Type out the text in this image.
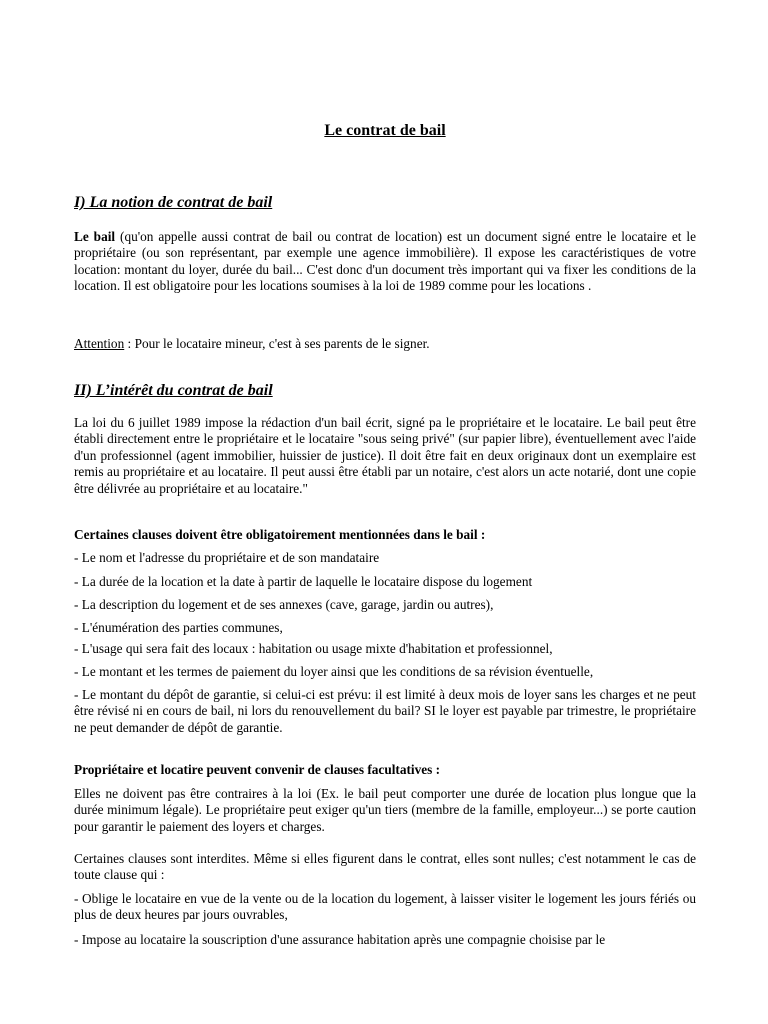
Le contrat de bail
I) La notion de contrat de bail
Le bail (qu'on appelle aussi contrat de bail ou contrat de location) est un document signé entre le locataire et le propriétaire (ou son représentant, par exemple une agence immobilière). Il expose les caractéristiques de votre location: montant du loyer, durée du bail... C'est donc d'un document très important qui va fixer les conditions de la location. Il est obligatoire pour les locations soumises à la loi de 1989 comme pour les locations .
Attention : Pour le locataire mineur, c'est à ses parents de le signer.
II) L’intérêt du contrat de bail
La loi du 6 juillet 1989 impose la rédaction d'un bail écrit, signé pa le propriétaire et le locataire. Le bail peut être établi directement entre le propriétaire et le locataire "sous seing privé" (sur papier libre), éventuellement avec l'aide d'un professionnel (agent immobilier, huissier de justice). Il doit être fait en deux originaux dont un exemplaire est remis au propriétaire et au locataire. Il peut aussi être établi par un notaire, c'est alors un acte notarié, dont une copie être délivrée au propriétaire et au locataire."
Certaines clauses doivent être obligatoirement mentionnées dans le bail :
- Le nom et l'adresse du propriétaire et de son mandataire
- La durée de la location et la date à partir de laquelle le locataire dispose du logement
- La description du logement et de ses annexes (cave, garage, jardin ou autres),
- L'énumération des parties communes,
- L'usage qui sera fait des locaux : habitation ou usage mixte d'habitation et professionnel,
- Le montant et les termes de paiement du loyer ainsi que les conditions de sa révision éventuelle,
- Le montant du dépôt de garantie, si celui-ci est prévu: il est limité à deux mois de loyer sans les charges et ne peut être révisé ni en cours de bail, ni lors du renouvellement du bail? SI le loyer est payable par trimestre, le propriétaire ne peut demander de dépôt de garantie.
Propriétaire et locatire peuvent convenir de clauses facultatives :
Elles ne doivent pas être contraires à la loi (Ex. le bail peut comporter une durée de location plus longue que la durée minimum légale). Le propriétaire peut exiger qu'un tiers (membre de la famille, employeur...) se porte caution pour garantir le paiement des loyers et charges.
Certaines clauses sont interdites. Même si elles figurent dans le contrat, elles sont nulles; c'est notamment le cas de toute clause qui :
- Oblige le locataire en vue de la vente ou de la location du logement, à laisser visiter le logement les jours fériés ou plus de deux heures par jours ouvrables,
- Impose au locataire la souscription d'une assurance habitation après une compagnie choisise par le
